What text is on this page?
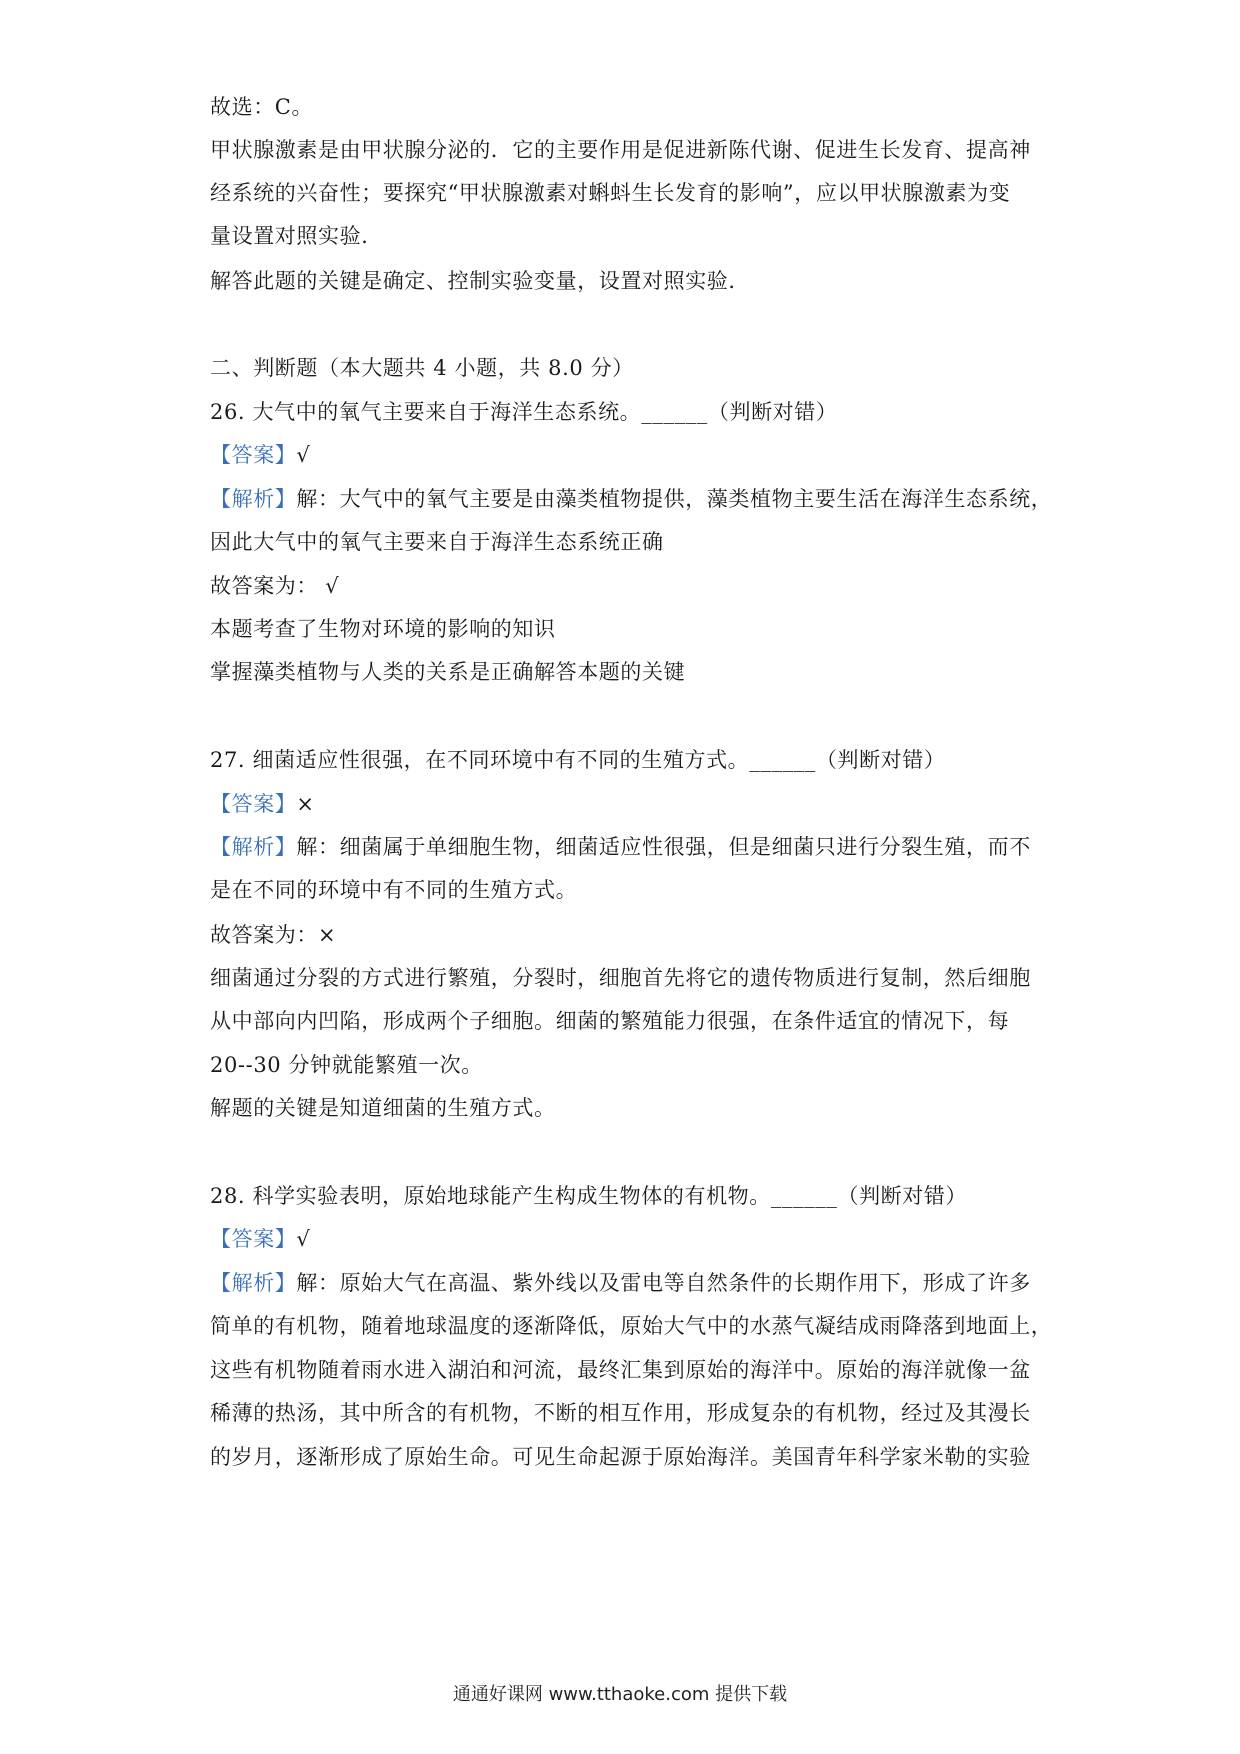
故选：C。
甲状腺激素是由甲状腺分泌的．它的主要作用是促进新陈代谢、促进生长发育、提高神
经系统的兴奋性；要探究“甲状腺激素对蝌蚪生长发育的影响”，应以甲状腺激素为变
量设置对照实验．
解答此题的关键是确定、控制实验变量，设置对照实验．
二、判断题（本大题共 4 小题，共 8.0 分）
26. 大气中的氧气主要来自于海洋生态系统。______（判断对错）
【答案】√
【解析】解：大气中的氧气主要是由藻类植物提供，藻类植物主要生活在海洋生态系统，
因此大气中的氧气主要来自于海洋生态系统正确
故答案为： √
本题考查了生物对环境的影响的知识
掌握藻类植物与人类的关系是正确解答本题的关键
27. 细菌适应性很强，在不同环境中有不同的生殖方式。______（判断对错）
【答案】×
【解析】解：细菌属于单细胞生物，细菌适应性很强，但是细菌只进行分裂生殖，而不
是在不同的环境中有不同的生殖方式。
故答案为：×
细菌通过分裂的方式进行繁殖，分裂时，细胞首先将它的遗传物质进行复制，然后细胞
从中部向内凹陷，形成两个子细胞。细菌的繁殖能力很强，在条件适宜的情况下，每
20--30 分钟就能繁殖一次。
解题的关键是知道细菌的生殖方式。
28. 科学实验表明，原始地球能产生构成生物体的有机物。______（判断对错）
【答案】√
【解析】解：原始大气在高温、紫外线以及雷电等自然条件的长期作用下，形成了许多
简单的有机物，随着地球温度的逐渐降低，原始大气中的水蒸气凝结成雨降落到地面上，
这些有机物随着雨水进入湖泊和河流，最终汇集到原始的海洋中。原始的海洋就像一盆
稀薄的热汤，其中所含的有机物，不断的相互作用，形成复杂的有机物，经过及其漫长
的岁月，逐渐形成了原始生命。可见生命起源于原始海洋。美国青年科学家米勒的实验
通通好课网 www.tthaoke.com 提供下载
